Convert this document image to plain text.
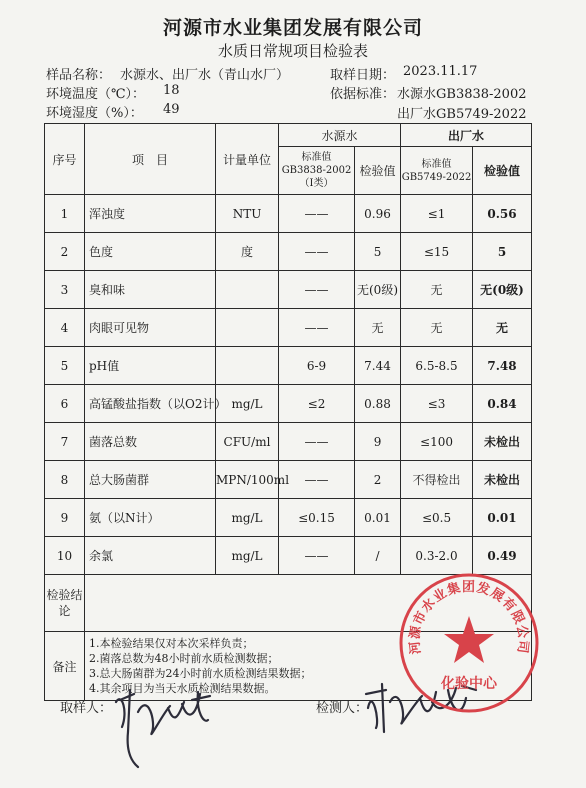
河源市水业集团发展有限公司
水质日常规项目检验表
样品名称： 水源水、出厂水（青山水厂）	取样日期： 2023.11.17
环境温度（℃）： 18	依据标准： 水源水GB3838-2002
环境湿度（%）： 49	出厂水GB5749-2022
序号	项　目	计量单位	水源水		出厂水	
			标准值 GB3838-2002 （Ⅰ类）	检验值	标准值 GB5749-2022	检验值
1	浑浊度	NTU	——	0.96	≤1	0.56
2	色度	度	——	5	≤15	5
3	臭和味		——	无(0级)	无	无(0级)
4	肉眼可见物		——	无	无	无
5	pH值		6-9	7.44	6.5-8.5	7.48
6	高锰酸盐指数（以O2计）	mg/L	≤2	0.88	≤3	0.84
7	菌落总数	CFU/ml	——	9	≤100	未检出
8	总大肠菌群	MPN/100ml	——	2	不得检出	未检出
9	氨（以N计）	mg/L	≤0.15	0.01	≤0.5	0.01
10	余氯	mg/L	——	/	0.3-2.0	0.49
检验结论						
备注	1.本检验结果仅对本次采样负责；
2.菌落总数为48小时前水质检测数据；
3.总大肠菌群为24小时前水质检测结果数据；
4.其余项目为当天水质检测结果数据。					
取样人：	检测人：
河源市水业集团发展有限公司
化验中心
